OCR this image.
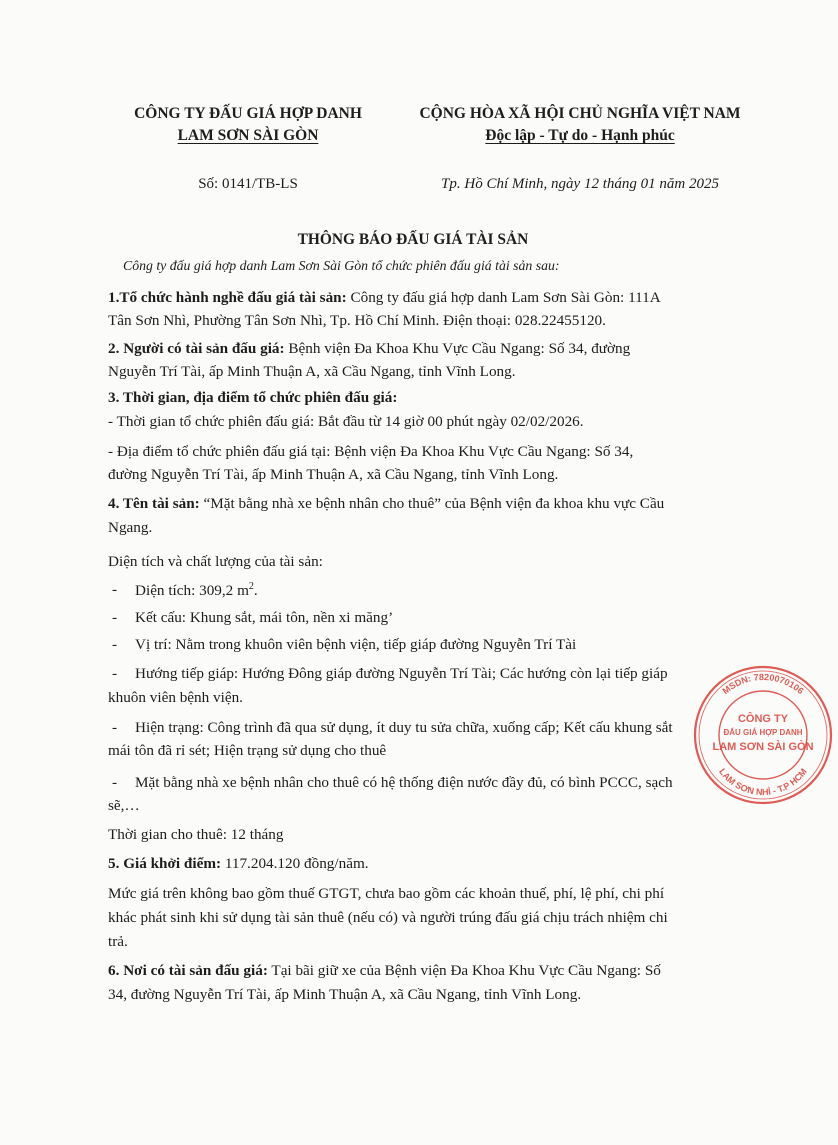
CÔNG TY ĐẤU GIÁ HỢP DANH
LAM SƠN SÀI GÒN
Số: 0141/TB-LS
CỘNG HÒA XÃ HỘI CHỦ NGHĨA VIỆT NAM
Độc lập - Tự do - Hạnh phúc
Tp. Hồ Chí Minh, ngày 12 tháng 01 năm 2025
THÔNG BÁO ĐẤU GIÁ TÀI SẢN
Công ty đấu giá hợp danh Lam Sơn Sài Gòn tổ chức phiên đấu giá tài sản sau:
1.Tổ chức hành nghề đấu giá tài sản: Công ty đấu giá hợp danh Lam Sơn Sài Gòn: 111A
Tân Sơn Nhì, Phường Tân Sơn Nhì, Tp. Hồ Chí Minh. Điện thoại: 028.22455120.
2. Người có tài sản đấu giá: Bệnh viện Đa Khoa Khu Vực Cầu Ngang: Số 34, đường
Nguyễn Trí Tài, ấp Minh Thuận A, xã Cầu Ngang, tỉnh Vĩnh Long.
3. Thời gian, địa điểm tổ chức phiên đấu giá:
- Thời gian tổ chức phiên đấu giá: Bắt đầu từ 14 giờ 00 phút ngày 02/02/2026.
- Địa điểm tổ chức phiên đấu giá tại: Bệnh viện Đa Khoa Khu Vực Cầu Ngang: Số 34,
đường Nguyễn Trí Tài, ấp Minh Thuận A, xã Cầu Ngang, tỉnh Vĩnh Long.
4. Tên tài sản: “Mặt bằng nhà xe bệnh nhân cho thuê” của Bệnh viện đa khoa khu vực Cầu
Ngang.
Diện tích và chất lượng của tài sản:
- Diện tích: 309,2 $m^2$.
- Kết cấu: Khung sắt, mái tôn, nền xi măng’
- Vị trí: Nằm trong khuôn viên bệnh viện, tiếp giáp đường Nguyễn Trí Tài
- Hướng tiếp giáp: Hướng Đông giáp đường Nguyễn Trí Tài; Các hướng còn lại tiếp giáp
khuôn viên bệnh viện.
- Hiện trạng: Công trình đã qua sử dụng, ít duy tu sửa chữa, xuống cấp; Kết cấu khung sắt
mái tôn đã rỉ sét; Hiện trạng sử dụng cho thuê
- Mặt bằng nhà xe bệnh nhân cho thuê có hệ thống điện nước đầy đủ, có bình PCCC, sạch
sẽ,…
Thời gian cho thuê: 12 tháng
5. Giá khởi điểm: 117.204.120 đồng/năm.
Mức giá trên không bao gồm thuế GTGT, chưa bao gồm các khoản thuế, phí, lệ phí, chi phí
khác phát sinh khi sử dụng tài sản thuê (nếu có) và người trúng đấu giá chịu trách nhiệm chi
trả.
6. Nơi có tài sản đấu giá: Tại bãi giữ xe của Bệnh viện Đa Khoa Khu Vực Cầu Ngang: Số
34, đường Nguyễn Trí Tài, ấp Minh Thuận A, xã Cầu Ngang, tỉnh Vĩnh Long.
MSDN: 7820070106
LAM SƠN NHÌ - T.P HCM
CÔNG TY
ĐẤU GIÁ HỢP DANH
LAM SƠN SÀI GÒN
